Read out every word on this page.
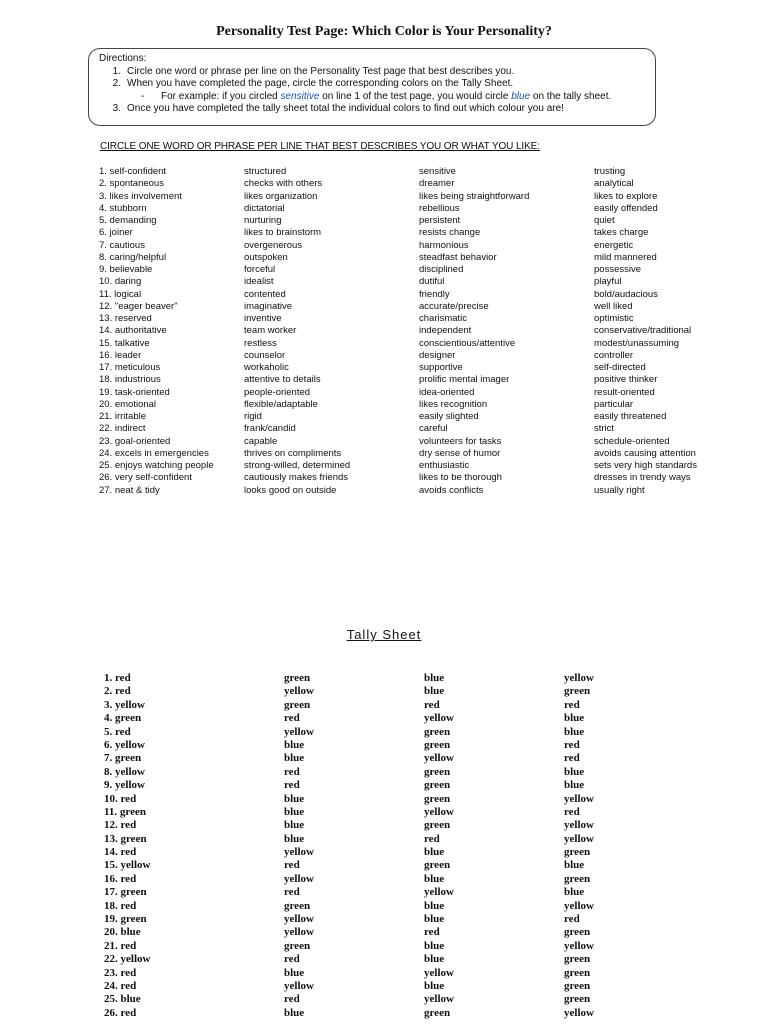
Personality Test Page: Which Color is Your Personality?
Directions:
1. Circle one word or phrase per line on the Personality Test page that best describes you.
2. When you have completed the page, circle the corresponding colors on the Tally Sheet.
-	For example: if you circled sensitive on line 1 of the test page, you would circle blue on the tally sheet.
3. Once you have completed the tally sheet total the individual colors to find out which colour you are!
CIRCLE ONE WORD OR PHRASE PER LINE THAT BEST DESCRIBES YOU OR WHAT YOU LIKE:
1. self-confident	structured	sensitive	trusting
2. spontaneous	checks with others	dreamer	analytical
3. likes involvement	likes organization	likes being straightforward	likes to explore
4. stubborn	dictatorial	rebellious	easily offended
5. demanding	nurturing	persistent	quiet
6. joiner	likes to brainstorm	resists change	takes charge
7. cautious	overgenerous	harmonious	energetic
8. caring/helpful	outspoken	steadfast behavior	mild mannered
9. believable	forceful	disciplined	possessive
10. daring	idealist	dutiful	playful
11. logical	contented	friendly	bold/audacious
12. "eager beaver"	imaginative	accurate/precise	well liked
13. reserved	inventive	charismatic	optimistic
14. authoritative	team worker	independent	conservative/traditional
15. talkative	restless	conscientious/attentive	modest/unassuming
16. leader	counselor	designer	controller
17. meticulous	workaholic	supportive	self-directed
18. industrious	attentive to details	prolific mental imager	positive thinker
19. task-oriented	people-oriented	idea-oriented	result-oriented
20. emotional	flexible/adaptable	likes recognition	particular
21. irritable	rigid	easily slighted	easily threatened
22. indirect	frank/candid	careful	strict
23. goal-oriented	capable	volunteers for tasks	schedule-oriented
24. excels in emergencies	thrives on compliments	dry sense of humor	avoids causing attention
25. enjoys watching people	strong-willed, determined	enthusiastic	sets very high standards
26. very self-confident	cautiously makes friends	likes to be thorough	dresses in trendy ways
27. neat & tidy	looks good on outside	avoids conflicts	usually right
Tally Sheet
1. red	green	blue	yellow
2. red	yellow	blue	green
3. yellow	green	red	red
4. green	red	yellow	blue
5. red	yellow	green	blue
6. yellow	blue	green	red
7. green	blue	yellow	red
8. yellow	red	green	blue
9. yellow	red	green	blue
10. red	blue	green	yellow
11. green	blue	yellow	red
12. red	blue	green	yellow
13. green	blue	red	yellow
14. red	yellow	blue	green
15. yellow	red	green	blue
16. red	yellow	blue	green
17. green	red	yellow	blue
18. red	green	blue	yellow
19. green	yellow	blue	red
20. blue	yellow	red	green
21. red	green	blue	yellow
22. yellow	red	blue	green
23. red	blue	yellow	green
24. red	yellow	blue	green
25. blue	red	yellow	green
26. red	blue	green	yellow
